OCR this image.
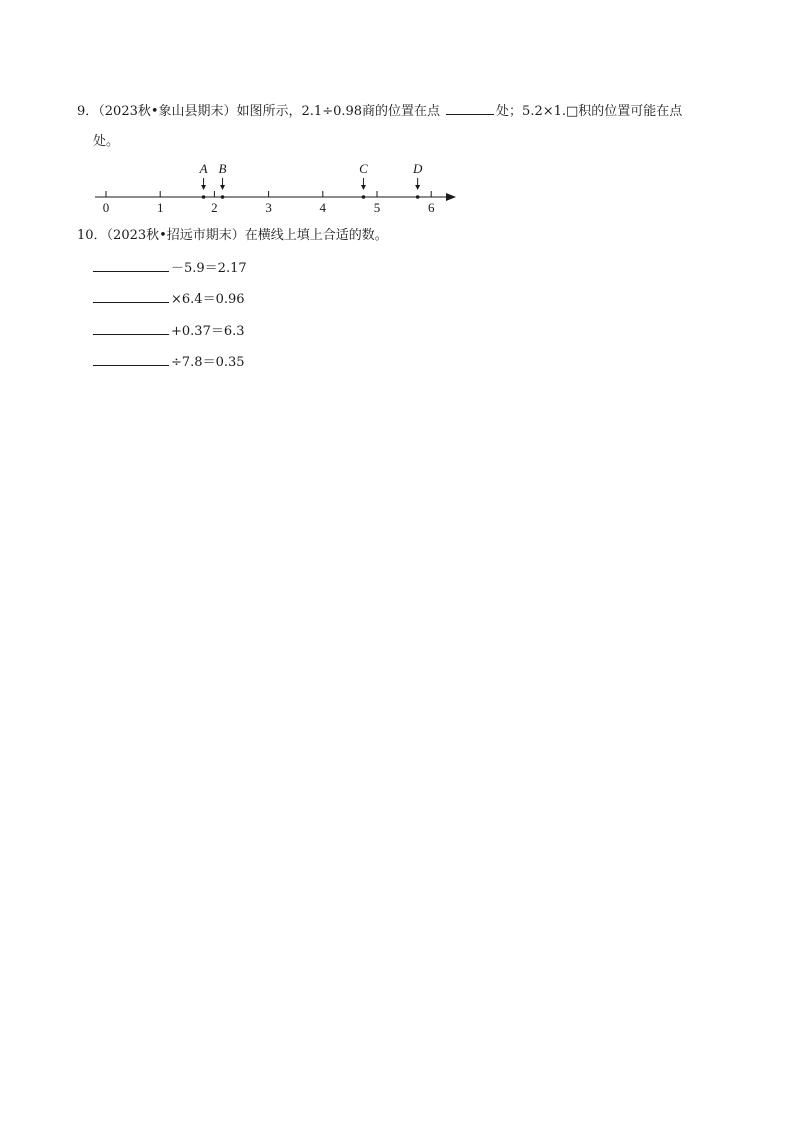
9．（2023秋•象山县期末）如图所示，2.1÷0.98商的位置在点	处；5.2×1.□积的位置可能在点
处。
0	1	2	3	4	5	6
A B	C	D
10．（2023秋•招远市期末）在横线上填上合适的数。
－5.9＝2.17
×6.4＝0.96
+0.37＝6.3
÷7.8＝0.35
